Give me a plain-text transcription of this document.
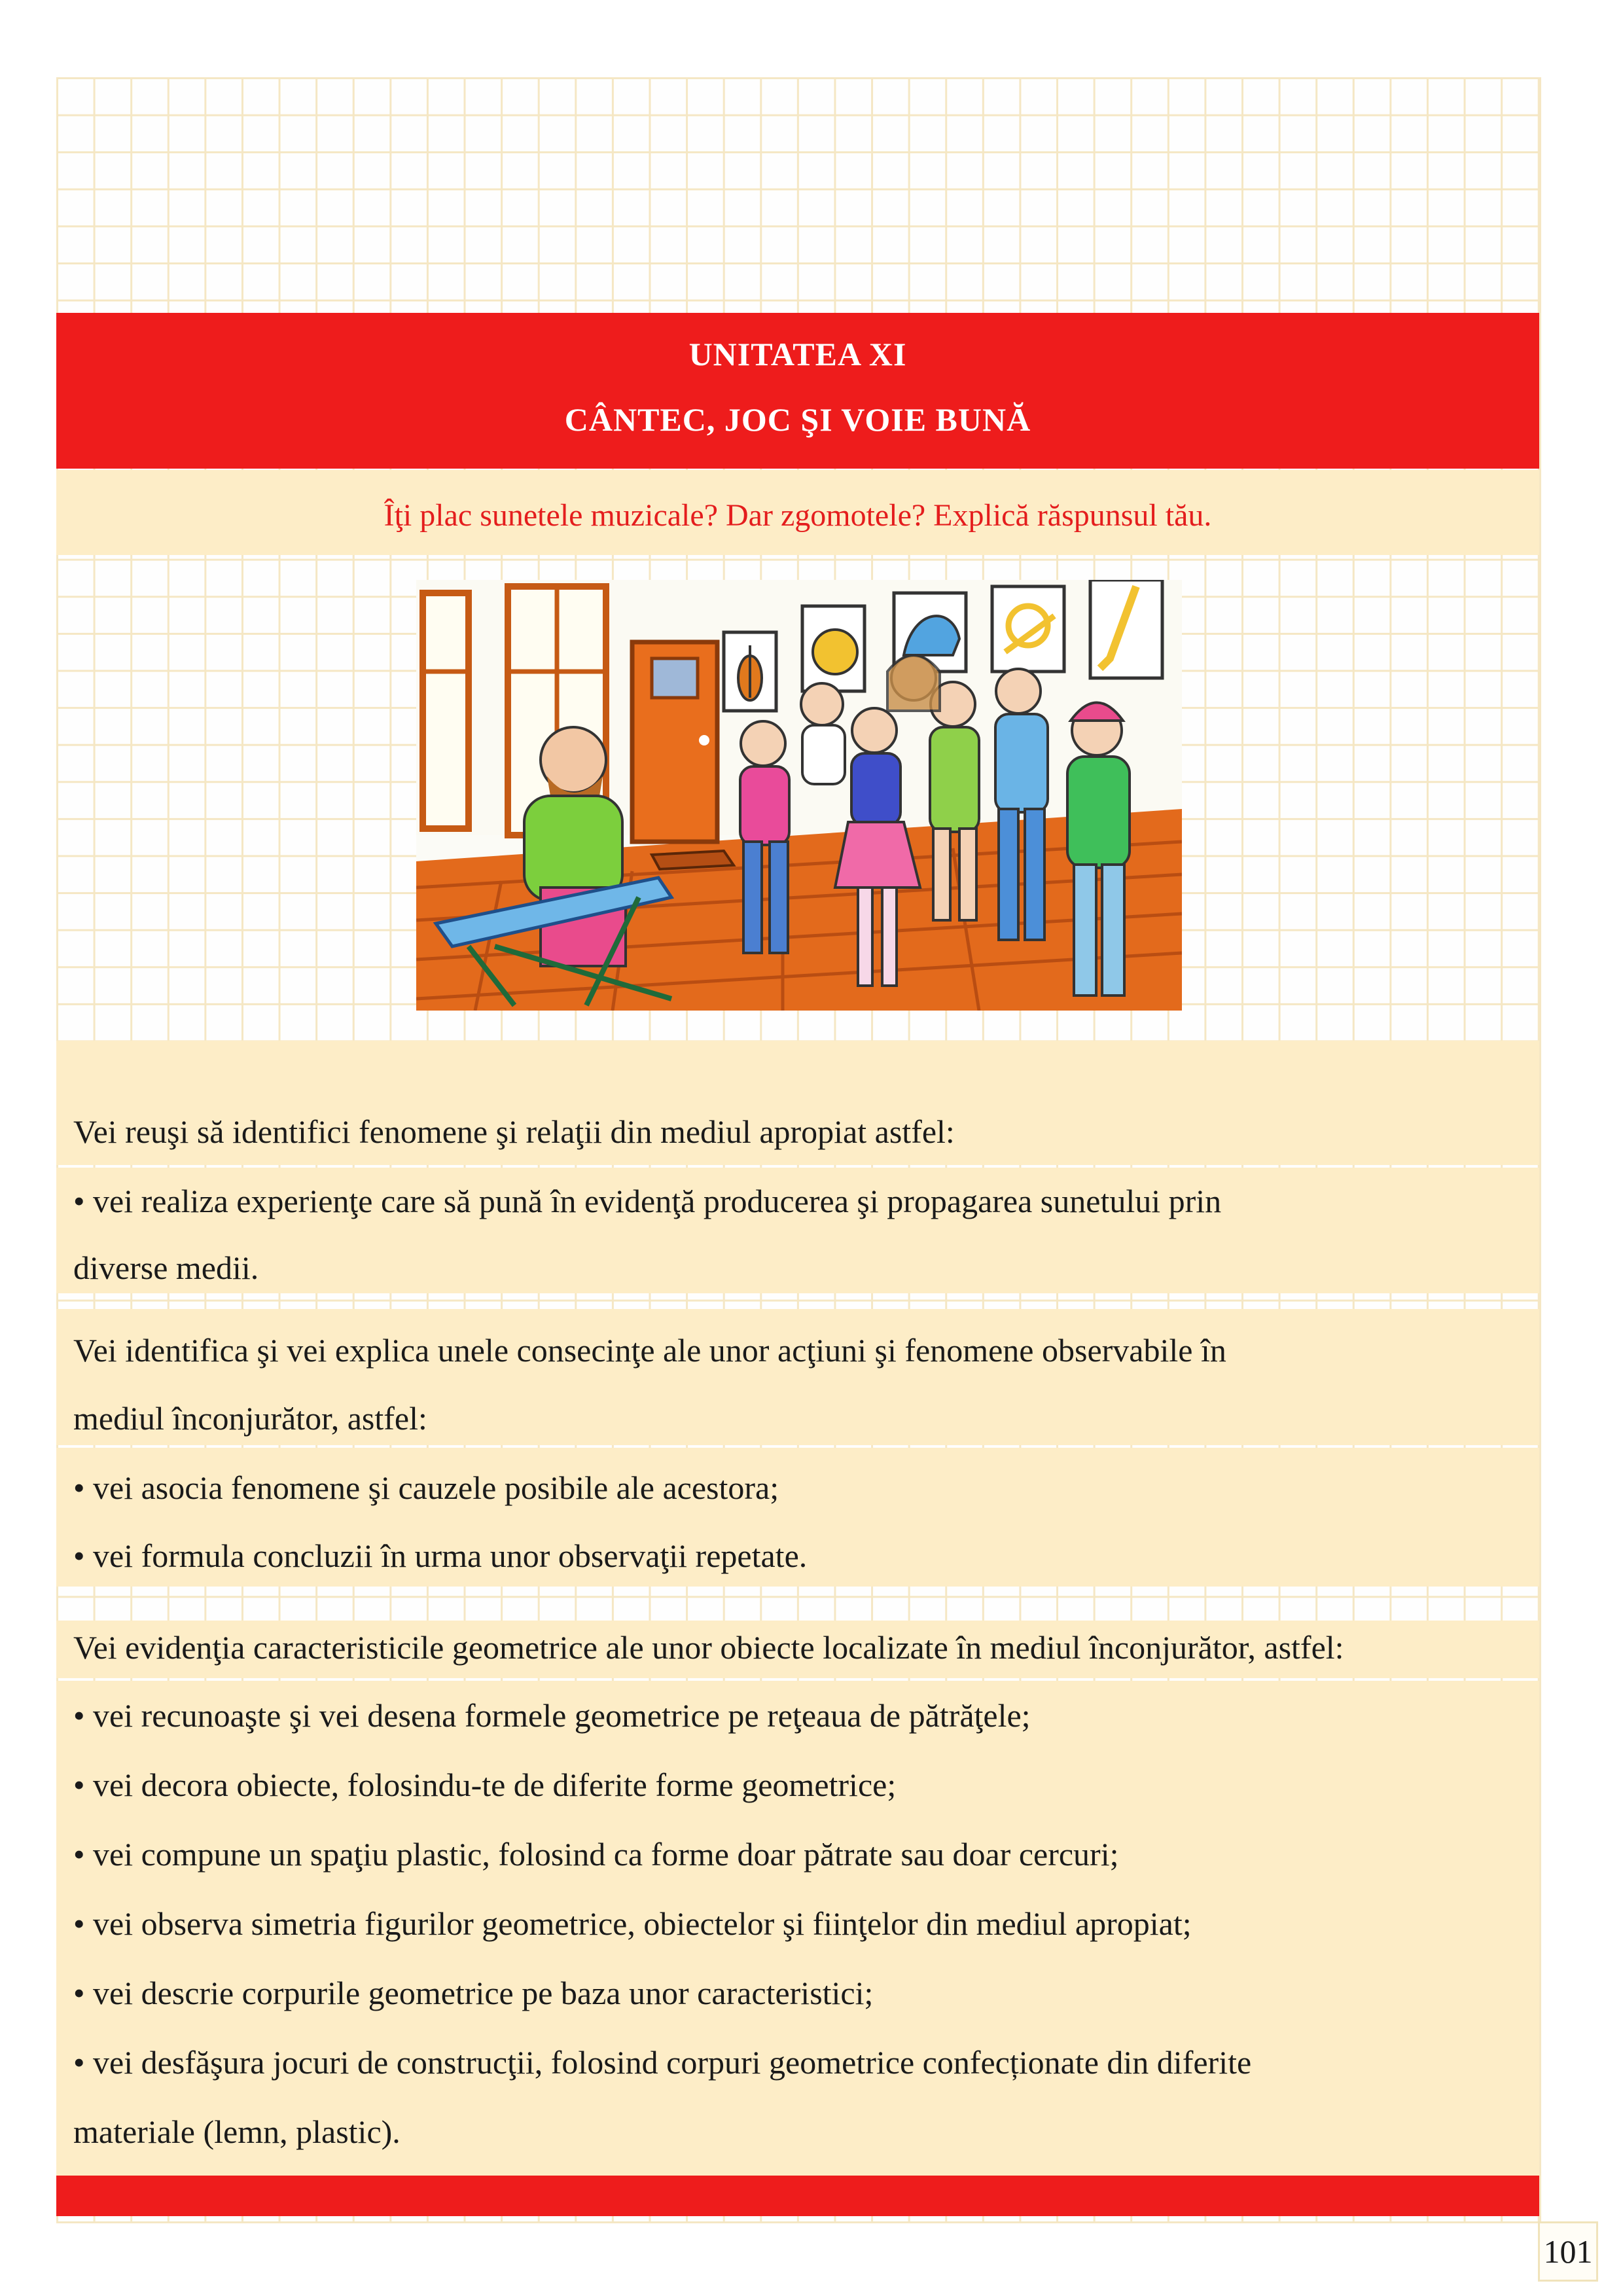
UNITATEA XI
CÂNTEC, JOC ŞI VOIE BUNĂ
Îţi plac sunetele muzicale? Dar zgomotele? Explică răspunsul tău.
Vei reuşi să identifici fenomene şi relaţii din mediul apropiat astfel:
• vei realiza experienţe care să pună în evidenţă producerea şi propagarea sunetului prin
diverse medii.
Vei identifica şi vei explica unele consecinţe ale unor acţiuni şi fenomene observabile în
mediul înconjurător, astfel:
• vei asocia fenomene şi cauzele posibile ale acestora;
• vei formula concluzii în urma unor observaţii repetate.
Vei evidenţia caracteristicile geometrice ale unor obiecte localizate în mediul înconjurător, astfel:
• vei recunoaşte şi vei desena formele geometrice pe reţeaua de pătrăţele;
• vei decora obiecte, folosindu-te de diferite forme geometrice;
• vei compune un spaţiu plastic, folosind ca forme doar pătrate sau doar cercuri;
• vei observa simetria figurilor geometrice, obiectelor şi fiinţelor din mediul apropiat;
• vei descrie corpurile geometrice pe baza unor caracteristici;
• vei desfăşura jocuri de construcţii, folosind corpuri geometrice confecționate din diferite
materiale (lemn, plastic).
101
